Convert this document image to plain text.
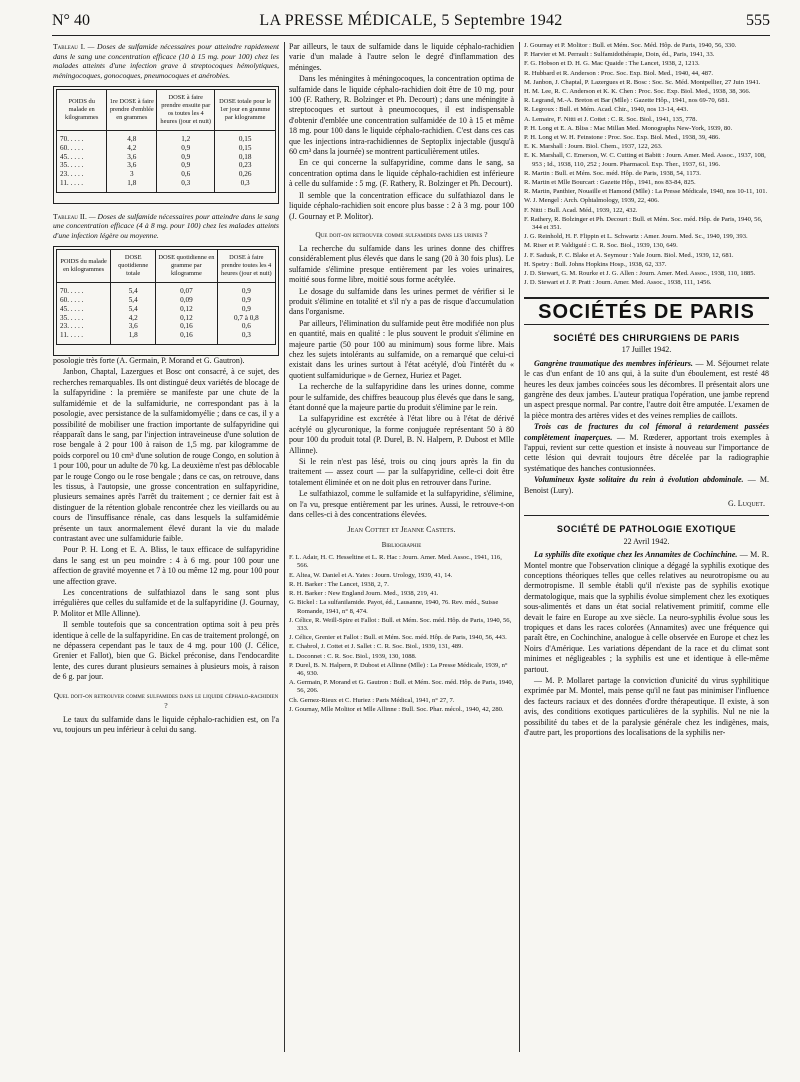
N° 40	LA PRESSE MÉDICALE, 5 Septembre 1942	555
Tableau I. — Doses de sulfamide nécessaires pour atteindre rapidement dans le sang une concentration efficace (10 à 15 mg. pour 100) chez les malades atteints d'une infection grave à streptocoques hémolytiques, méningocoques, gonocoques, pneumocoques et anérobies.
POIDS du malade en kilogrammes	1re DOSE à faire prendre d'emblée en grammes	DOSE à faire prendre ensuite par os toutes les 4 heures (jour et nuit)	DOSE totale pour le 1er jour en gramme par kilogramme
70. . . . .	4,8	1,2	0,15
60. . . . .	4,2	0,9	0,15
45. . . . .	3,6	0,9	0,18
35. . . . .	3,6	0,9	0,23
23. . . . .	3	0,6	0,26
11. . . . .	1,8	0,3	0,3
Tableau II. — Doses de sulfamide nécessaires pour atteindre dans le sang une concentration efficace (4 à 8 mg. pour 100) chez les malades atteints d'une infection légère ou moyenne.
POIDS du malade en kilogrammes	DOSE quotidienne totale	DOSE quotidienne en gramme par kilogramme	DOSE à faire prendre toutes les 4 heures (jour et nuit)
70. . . . .	5,4	0,07	0,9
60. . . . .	5,4	0,09	0,9
45. . . . .	5,4	0,12	0,9
35. . . . .	4,2	0,12	0,7 à 0,8
23. . . . .	3,6	0,16	0,6
11. . . . .	1,8	0,16	0,3

posologie très forte (A. Germain, P. Morand et G. Gautron).

Janbon, Chaptal, Lazergues et Bosc ont consacré, à ce sujet, des recherches remarquables. Ils ont distingué deux variétés de blocage de la sulfapyridine : la première se manifeste par une chute de la sulfamidémie et de la sulfamidurie, ne correspondant pas à la posologie, avec persistance de la sulfamidomyélie ; dans ce cas, il y a possibilité de mobiliser une fraction importante de sulfapyridine qui réapparaît dans le sang, par l'injection intraveineuse d'une solution de rose bengale à 2 pour 100 à raison de 1,5 mg. par kilogramme de poids corporel ou 10 cm³ d'une solution de rouge Congo, en solution à 1 pour 100, pour un adulte de 70 kg. La deuxième n'est pas déblocable par le rouge Congo ou le rose bengale ; dans ce cas, on retrouve, dans les tissus, à l'autopsie, une grosse concentration en sulfapyridine, plusieurs semaines après l'arrêt du traitement ; ce dernier fait est à distinguer de la rétention globale rencontrée chez les vieillards ou au cours de l'insuffisance rénale, cas dans lesquels la sulfamidémie présente un taux anormalement élevé durant la vie du malade contrastant avec une sulfamidurie faible.

Pour P. H. Long et E. A. Bliss, le taux efficace de sulfapyridine dans le sang est un peu moindre : 4 à 6 mg. pour 100 pour une affection de gravité moyenne et 7 à 10 ou même 12 mg. pour 100 pour une affection grave.

Les concentrations de sulfathiazol dans le sang sont plus irrégulières que celles du sulfamide et de la sulfapyridine (J. Gournay, P. Molitor et Mlle Allinne).

Il semble toutefois que sa concentration optima soit à peu près identique à celle de la sulfapyridine. En cas de traitement prolongé, on ne dépassera cependant pas le taux de 4 mg. pour 100 (J. Célice, Grenier et Fallot), bien que G. Bickel préconise, dans l'endocardite lente, des cures durant plusieurs semaines à plusieurs mois, à raison de 6 g. par jour.

Quel doit-on retrouver comme sulfamides dans le liquide céphalo-rachidien ?

Le taux du sulfamide dans le liquide céphalo-rachidien est, on l'a vu, toujours un peu inférieur à celui du sang.

Par ailleurs, le taux de sulfamide dans le liquide céphalo-rachidien varie d'un malade à l'autre selon le degré d'inflammation des méninges.

Dans les méningites à méningocoques, la concentration optima de sulfamide dans le liquide céphalo-rachidien doit être de 10 mg. pour 100 (F. Rathery, R. Bolzinger et Ph. Decourt) ; dans une méningite à streptocoques et surtout à pneumocoques, il est indispensable d'obtenir d'emblée une concentration sulfamidée de 10 à 15 et même 18 mg. pour 100 dans le liquide céphalo-rachidien. C'est dans ces cas que les injections intra-rachidiennes de Septoplix injectable (jusqu'à 60 cm³ dans la journée) se montrent particulièrement utiles.

En ce qui concerne la sulfapyridine, comme dans le sang, sa concentration optima dans le liquide céphalo-rachidien est inférieure à celle du sulfamide : 5 mg. (F. Rathery, R. Bolzinger et Ph. Decourt).

Il semble que la concentration efficace du sulfathiazol dans le liquide céphalo-rachidien soit encore plus basse : 2 à 3 mg. pour 100 (J. Gournay et P. Molitor).

Que doit-on retrouver comme sulfamides dans les urines ?

La recherche du sulfamide dans les urines donne des chiffres considérablement plus élevés que dans le sang (20 à 30 fois plus). Le sulfamide s'élimine presque entièrement par les voies urinaires, moitié sous forme libre, moitié sous forme acétylée.

Le dosage du sulfamide dans les urines permet de vérifier si le produit s'élimine en totalité et s'il n'y a pas de risque d'accumulation dans l'organisme.

Par ailleurs, l'élimination du sulfamide peut être modifiée non plus en quantité, mais en qualité : le plus souvent le produit s'élimine en majeure partie (50 pour 100 au minimum) sous forme libre. Mais chez les sujets intolérants au sulfamide, on a remarqué que celui-ci existait dans les urines surtout à l'état acétylé, d'où l'intérêt du « quotient sulfamidurique » de Gernez, Huriez et Paget.

La recherche de la sulfapyridine dans les urines donne, comme pour le sulfamide, des chiffres beaucoup plus élevés que dans le sang, étant donné que la majeure partie du produit s'élimine par le rein.

La sulfapyridine est excrétée à l'état libre ou à l'état de dérivé acétylé ou glycuronique, la forme conjuguée représentant 50 à 80 pour 100 du produit total (P. Durel, B. N. Halpern, P. Dubost et Mlle Allinne).

Si le rein n'est pas lésé, trois ou cinq jours après la fin du traitement — assez court — par la sulfapyridine, celle-ci doit être totalement éliminée et on ne doit plus en retrouver dans l'urine.

Le sulfathiazol, comme le sulfamide et la sulfapyridine, s'élimine, on l'a vu, presque entièrement par les urines. Aussi, le retrouve-t-on dans celles-ci à des concentrations élevées.

Jean Cottet et Jeanne Castets.
Bibliographie
F. L. Adair, H. C. Hesseltine et L. R. Hac : Journ. Amer. Med. Assoc., 1941, 116, 566.
E. Altea, W. Daniel et A. Yates : Journ. Urology, 1939, 41, 14.
R. H. Barker : The Lancet, 1938, 2, 7.
R. H. Barker : New England Journ. Med., 1938, 219, 41.
G. Bickel : La sulfanilamide. Payot, éd., Lausanne, 1940, 76. Rev. méd., Suisse Romande, 1941, n° 8, 474.
J. Célice, R. Weill-Spire et Fallot : Bull. et Mém. Soc. méd. Hôp. de Paris, 1940, 56, 333.
J. Célice, Grenier et Fallot : Bull. et Mém. Soc. méd. Hôp. de Paris, 1940, 56, 443.
E. Chabrol, J. Cottet et J. Sallet : C. R. Soc. Biol., 1939, 131, 489.
L. Doconnet : C. R. Soc. Biol., 1939, 130, 1088.
P. Durel, B. N. Halpern, P. Dubost et Allinne (Mlle) : La Presse Médicale, 1939, n° 46, 930.
A. Germain, P. Morand et G. Gautron : Bull. et Mém. Soc. méd. Hôp. de Paris, 1940, 56, 206.
Ch. Gernez-Rieux et C. Huriez : Paris Médical, 1941, n° 27, 7.
J. Gournay, Mlle Molitor et Mlle Allinne : Bull. Soc. Phar. mécol., 1940, 42, 280.
J. Gournay et P. Molitor : Bull. et Mém. Soc. Méd. Hôp. de Paris, 1940, 56, 330.
P. Harvier et M. Perrault : Sulfamidothérapie, Doin, éd., Paris, 1941, 33.
F. G. Hobson et D. H. G. Mac Quaide : The Lancet, 1938, 2, 1213.
R. Hubbard et R. Anderson : Proc. Soc. Exp. Biol. Med., 1940, 44, 487.
M. Janbon, J. Chaptal, P. Lazergues et R. Bosc : Soc. Sc. Méd. Montpellier, 27 Juin 1941.
H. M. Lee, R. C. Anderson et K. K. Chen : Proc. Soc. Exp. Biol. Med., 1938, 38, 366.
R. Legrand, M.-A. Breton et Bar (Mlle) : Gazette Hôp., 1941, nos 69-70, 681.
R. Legroux : Bull. et Mém. Acad. Chir., 1940, nos 13-14, 443.
A. Lemaire, F. Nitti et J. Cottet : C. R. Soc. Biol., 1941, 135, 778.
P. H. Long et E. A. Bliss : Mac Millan Med. Monographs New-York, 1939, 80.
P. H. Long et W. H. Feinstone : Proc. Soc. Exp. Biol. Med., 1938, 39, 486.
E. K. Marshall : Journ. Biol. Chem., 1937, 122, 263.
E. K. Marshall, C. Emerson, W. C. Cutting et Babitt : Journ. Amer. Med. Assoc., 1937, 108, 953 ; Id., 1938, 110, 252 ; Journ. Pharmacol. Exp. Ther., 1937, 61, 196.
R. Martin : Bull. et Mém. Soc. méd. Hôp. de Paris, 1938, 54, 1173.
R. Martin et Mlle Bourcart : Gazette Hôp., 1941, nos 83-84, 825.
R. Martin, Panthier, Nouaille et Hamond (Mlle) : La Presse Médicale, 1940, nos 10-11, 101.
W. J. Mengel : Arch. Ophtalmology, 1939, 22, 406.
F. Nitti : Bull. Acad. Méd., 1939, 122, 432.
F. Rathery, R. Bolzinger et Ph. Decourt : Bull. et Mém. Soc. méd. Hôp. de Paris, 1940, 56, 344 et 351.
J. G. Reinhold, H. F. Flippin et L. Schwartz : Amer. Journ. Med. Sc., 1940, 199, 393.
M. Riser et P. Valdiguié : C. R. Soc. Biol., 1939, 130, 649.
J. F. Sadusk, F. C. Blake et A. Seymour : Yale Journ. Biol. Med., 1939, 12, 681.
H. Spetry : Bull. Johns Hopkins Hosp., 1938, 62, 337.
J. D. Stewart, G. M. Rourke et J. G. Allen : Journ. Amer. Med. Assoc., 1938, 110, 1885.
J. D. Stewart et J. P. Pratt : Journ. Amer. Med. Assoc., 1938, 111, 1456.
SOCIÉTÉS DE PARIS
SOCIÉTÉ DES CHIRURGIENS DE PARIS
17 Juillet 1942.

Gangrène traumatique des membres inférieurs. — M. Séjournet relate le cas d'un enfant de 10 ans qui, à la suite d'un éboulement, est resté 48 heures les deux jambes coincées sous les décombres. Il présentait alors une gangrène des deux jambes. L'auteur pratiqua l'opération, une jambe reprend un aspect presque normal. Par contre, l'autre doit être amputée. L'examen de la pièce montra des artères vides et des veines remplies de caillots.

Trois cas de fractures du col fémoral à retardement passées complètement inaperçues. — M. Rœderer, apportant trois exemples à l'appui, revient sur cette question et insiste à nouveau sur l'importance de cette lésion qui devrait toujours être décelée par la radiographie systématique des hanches contusionnées.

Volumineux kyste solitaire du rein à évolution abdominale. — M. Benoist (Lury).

G. Luquet.
SOCIÉTÉ DE PATHOLOGIE EXOTIQUE
22 Avril 1942.

La syphilis dite exotique chez les Annamites de Cochinchine. — M. R. Montel montre que l'observation clinique a dégagé la syphilis exotique des conceptions théoriques telles que celles relatives au neurotropisme ou au dermotropisme. Il semble établi qu'il n'existe pas de syphilis exotique dermatologique, mais que la syphilis évolue simplement chez les exotiques sous-alimentés et dans un état social relativement primitif, comme elle devait le faire en Europe au xve siècle. La neuro-syphilis évolue sous les tropiques et dans les races colorées (Annamites) avec une fréquence qui paraît être, en Cochinchine, analogue à celle observée en Europe et chez les Noirs d'Amérique. Les variations dépendant de la race et du climat sont minimes et négligeables ; la syphilis est une et identique à elle-même partout.

— M. P. Mollaret partage la conviction d'unicité du virus syphilitique exprimée par M. Montel, mais pense qu'il ne faut pas minimiser l'influence des facteurs raciaux et des données d'ordre thérapeutique. Il existe, à son avis, des conditions exotiques particulières de la syphilis. Nul ne nie la possibilité du tabes et de la paralysie générale chez les indigènes, mais, d'autre part, les proportions des localisations de la syphilis ner-
